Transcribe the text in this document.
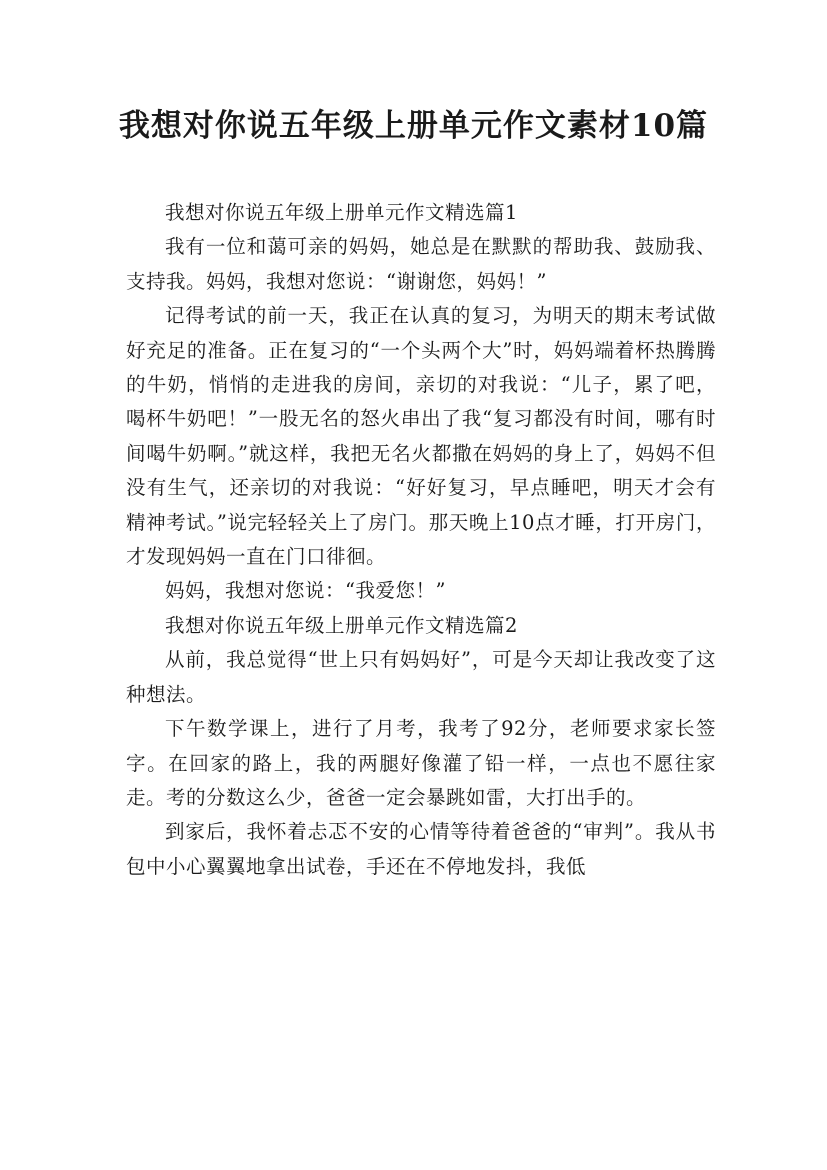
我想对你说五年级上册单元作文素材10篇

我想对你说五年级上册单元作文精选篇1

我有一位和蔼可亲的妈妈，她总是在默默的帮助我、鼓励我、支持我。妈妈，我想对您说：“谢谢您，妈妈！”

记得考试的前一天，我正在认真的复习，为明天的期末考试做好充足的准备。正在复习的“一个头两个大”时，妈妈端着杯热腾腾的牛奶，悄悄的走进我的房间，亲切的对我说：“儿子，累了吧，喝杯牛奶吧！”一股无名的怒火串出了我“复习都没有时间，哪有时间喝牛奶啊。”就这样，我把无名火都撒在妈妈的身上了，妈妈不但没有生气，还亲切的对我说：“好好复习，早点睡吧，明天才会有精神考试。”说完轻轻关上了房门。那天晚上10点才睡，打开房门，才发现妈妈一直在门口徘徊。

妈妈，我想对您说：“我爱您！”

我想对你说五年级上册单元作文精选篇2

从前，我总觉得“世上只有妈妈好”，可是今天却让我改变了这种想法。

下午数学课上，进行了月考，我考了92分，老师要求家长签字。在回家的路上，我的两腿好像灌了铅一样，一点也不愿往家走。考的分数这么少，爸爸一定会暴跳如雷，大打出手的。

到家后，我怀着忐忑不安的心情等待着爸爸的“审判”。我从书包中小心翼翼地拿出试卷，手还在不停地发抖，我低
